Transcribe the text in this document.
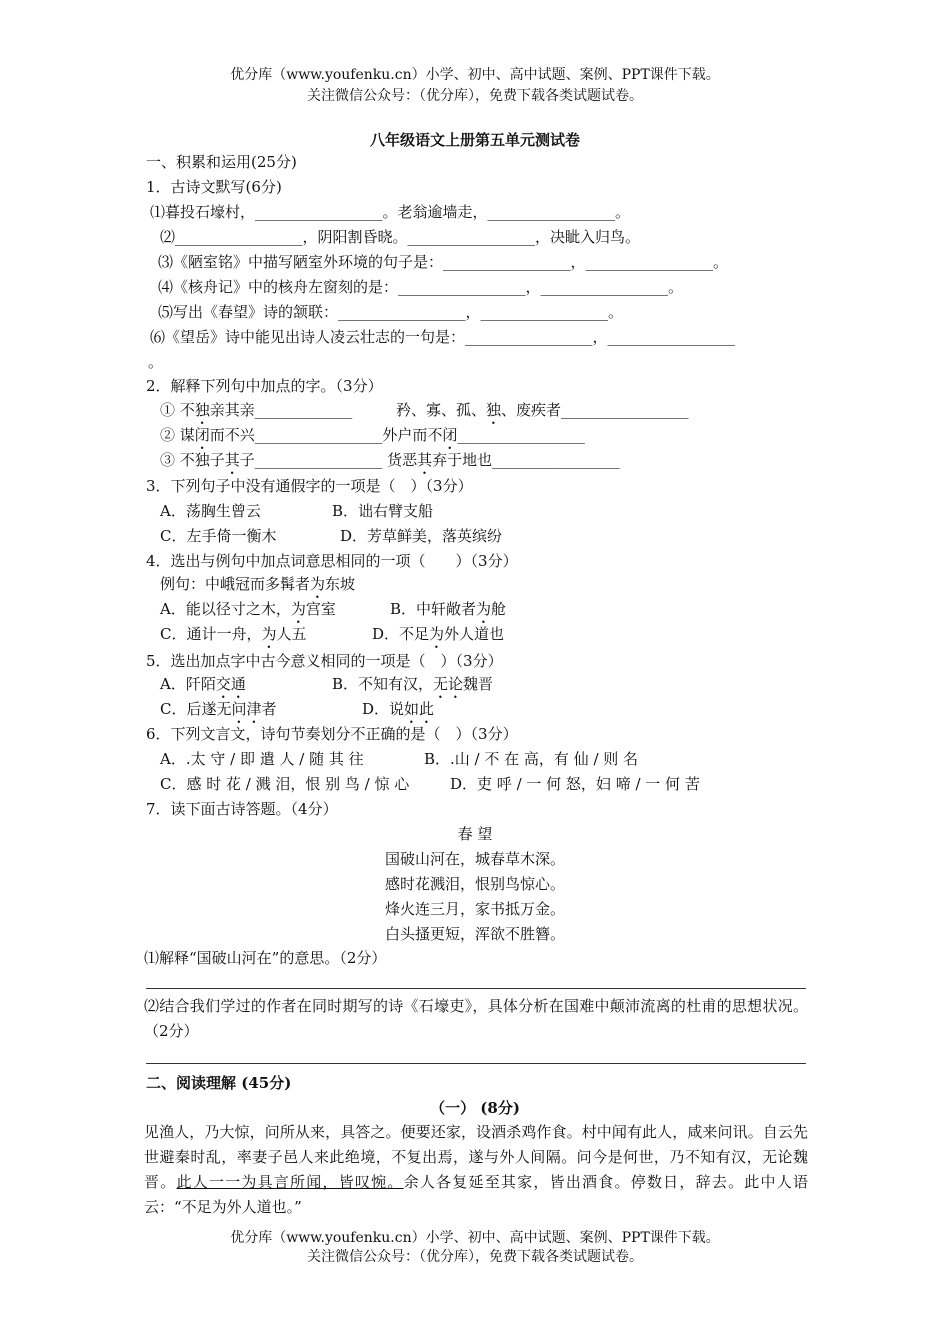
优分库（www.youfenku.cn）小学、初中、高中试题、案例、PPT课件下载。
关注微信公众号：（优分库），免费下载各类试题试卷。
八年级语文上册第五单元测试卷
一、积累和运用(25分)
1．古诗文默写(6分)
⑴暮投石壕村，_________________。老翁逾墙走，_________________。
⑵_________________，阴阳割昏晓。_________________，决眦入归鸟。
⑶《陋室铭》中描写陋室外环境的句子是：_________________，_________________。
⑷《核舟记》中的核舟左窗刻的是：_________________，_________________。
⑸写出《春望》诗的颔联：_________________，_________________。
⑹《望岳》诗中能见出诗人凌云壮志的一句是：_________________，_________________
。
2．解释下列句中加点的字。（3分）
① 不独亲其亲_____________	矜、寡、孤、独、废疾者_________________
② 谋闭而不兴_________________外户而不闭_________________
③ 不独子其子_________________ 货恶其弃于地也_________________
3．下列句子中没有通假字的一项是（　）（3分）
A．荡胸生曾云	B．诎右臂支船
C．左手倚一衡木	D．芳草鲜美，落英缤纷
4．选出与例句中加点词意思相同的一项（　　）（3分）
例句：中峨冠而多髯者为东坡
A．能以径寸之木，为宫室	B．中轩敞者为舱
C．通计一舟，为人五	D．不足为外人道也
5．选出加点字中古今意义相同的一项是（　）（3分）
A．阡陌交通	B．不知有汉，无论魏晋
C．后遂无问津者	D．说如此
6．下列文言文，诗句节奏划分不正确的是（　）（3分）
A．.太 守 / 即 遣 人 / 随 其 往	B．.山 / 不 在 高，有 仙 / 则 名
C．感 时 花 / 溅 泪，恨 别 鸟 / 惊 心	D．吏 呼 / 一 何 怒，妇 啼 / 一 何 苦
7．读下面古诗答题。（4分）
春 望
国破山河在，城春草木深。
感时花溅泪，恨别鸟惊心。
烽火连三月，家书抵万金。
白头搔更短，浑欲不胜簪。
⑴解释“国破山河在”的意思。（2分）
⑵结合我们学过的作者在同时期写的诗《石壕吏》，具体分析在国难中颠沛流离的杜甫的思想状况。（2分）
二、阅读理解 (45分)
（一） (8分)
见渔人，乃大惊，问所从来，具答之。便要还家，设酒杀鸡作食。村中闻有此人，咸来问讯。自云先世避秦时乱，率妻子邑人来此绝境，不复出焉，遂与外人间隔。问今是何世，乃不知有汉，无论魏晋。此人一一为具言所闻，皆叹惋。余人各复延至其家，皆出酒食。停数日，辞去。此中人语云：“不足为外人道也。”
优分库（www.youfenku.cn）小学、初中、高中试题、案例、PPT课件下载。
关注微信公众号：（优分库），免费下载各类试题试卷。
